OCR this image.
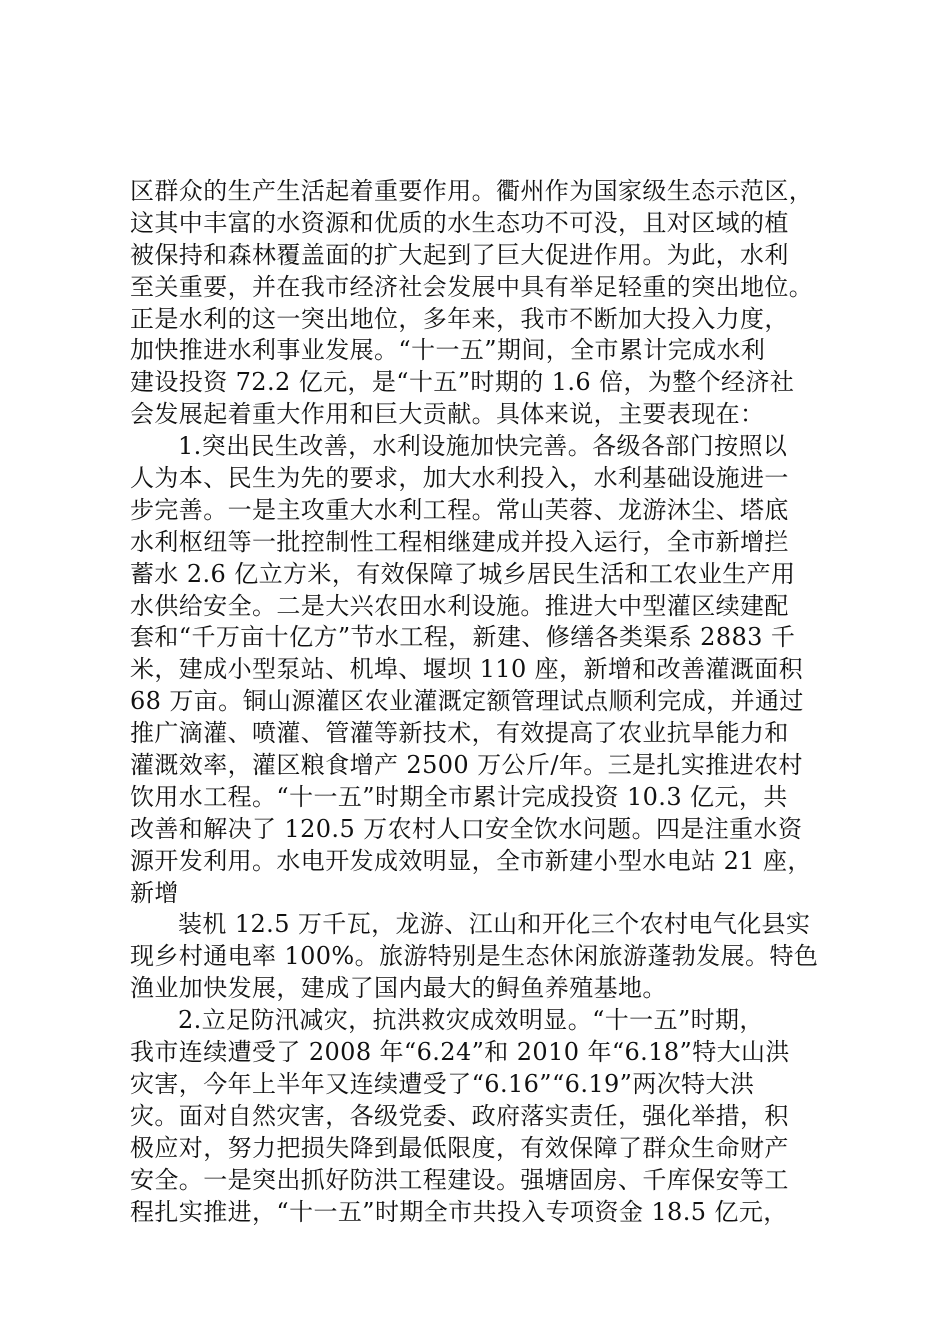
区群众的生产生活起着重要作用。衢州作为国家级生态示范区，
这其中丰富的水资源和优质的水生态功不可没，且对区域的植
被保持和森林覆盖面的扩大起到了巨大促进作用。为此，水利
至关重要，并在我市经济社会发展中具有举足轻重的突出地位。
正是水利的这一突出地位，多年来，我市不断加大投入力度，
加快推进水利事业发展。“十一五”期间，全市累计完成水利
建设投资 72.2 亿元，是“十五”时期的 1.6 倍，为整个经济社
会发展起着重大作用和巨大贡献。具体来说，主要表现在：
1.突出民生改善，水利设施加快完善。各级各部门按照以
人为本、民生为先的要求，加大水利投入，水利基础设施进一
步完善。一是主攻重大水利工程。常山芙蓉、龙游沐尘、塔底
水利枢纽等一批控制性工程相继建成并投入运行，全市新增拦
蓄水 2.6 亿立方米，有效保障了城乡居民生活和工农业生产用
水供给安全。二是大兴农田水利设施。推进大中型灌区续建配
套和“千万亩十亿方”节水工程，新建、修缮各类渠系 2883 千
米，建成小型泵站、机埠、堰坝 110 座，新增和改善灌溉面积
68 万亩。铜山源灌区农业灌溉定额管理试点顺利完成，并通过
推广滴灌、喷灌、管灌等新技术，有效提高了农业抗旱能力和
灌溉效率，灌区粮食增产 2500 万公斤/年。三是扎实推进农村
饮用水工程。“十一五”时期全市累计完成投资 10.3 亿元，共
改善和解决了 120.5 万农村人口安全饮水问题。四是注重水资
源开发利用。水电开发成效明显，全市新建小型水电站 21 座，
新增
装机 12.5 万千瓦，龙游、江山和开化三个农村电气化县实
现乡村通电率 100%。旅游特别是生态休闲旅游蓬勃发展。特色
渔业加快发展，建成了国内最大的鲟鱼养殖基地。
2.立足防汛减灾，抗洪救灾成效明显。“十一五”时期，
我市连续遭受了 2008 年“6.24”和 2010 年“6.18”特大山洪
灾害，今年上半年又连续遭受了“6.16”“6.19”两次特大洪
灾。面对自然灾害，各级党委、政府落实责任，强化举措，积
极应对，努力把损失降到最低限度，有效保障了群众生命财产
安全。一是突出抓好防洪工程建设。强塘固房、千库保安等工
程扎实推进，“十一五”时期全市共投入专项资金 18.5 亿元，
